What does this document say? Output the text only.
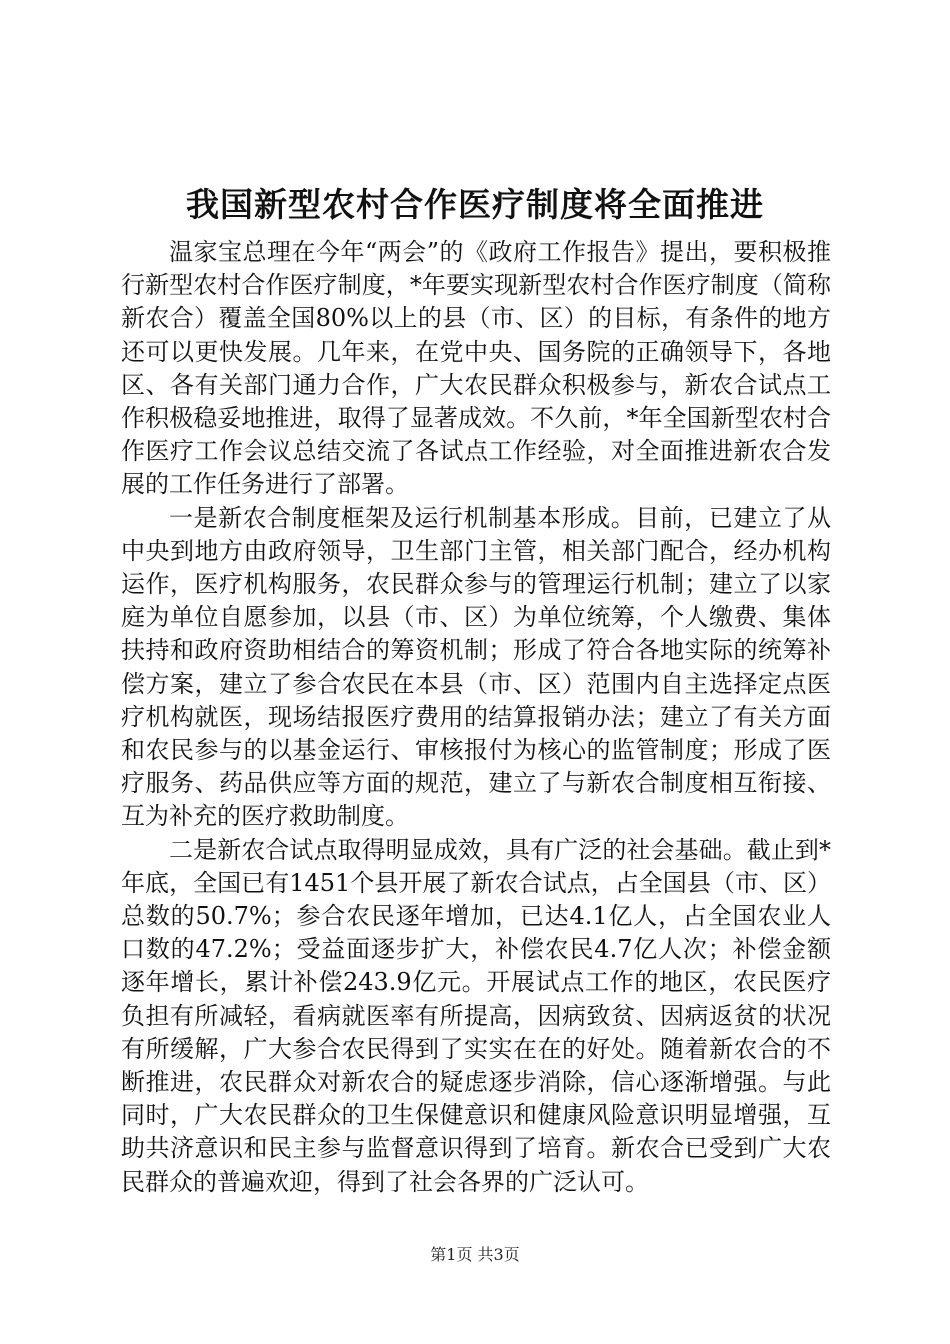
我国新型农村合作医疗制度将全面推进

温家宝总理在今年“两会”的《政府工作报告》提出，要积极推行新型农村合作医疗制度，*年要实现新型农村合作医疗制度（简称新农合）覆盖全国80%以上的县（市、区）的目标，有条件的地方还可以更快发展。几年来，在党中央、国务院的正确领导下，各地区、各有关部门通力合作，广大农民群众积极参与，新农合试点工作积极稳妥地推进，取得了显著成效。不久前，*年全国新型农村合作医疗工作会议总结交流了各试点工作经验，对全面推进新农合发展的工作任务进行了部署。

一是新农合制度框架及运行机制基本形成。目前，已建立了从中央到地方由政府领导，卫生部门主管，相关部门配合，经办机构运作，医疗机构服务，农民群众参与的管理运行机制；建立了以家庭为单位自愿参加，以县（市、区）为单位统筹，个人缴费、集体扶持和政府资助相结合的筹资机制；形成了符合各地实际的统筹补偿方案，建立了参合农民在本县（市、区）范围内自主选择定点医疗机构就医，现场结报医疗费用的结算报销办法；建立了有关方面和农民参与的以基金运行、审核报付为核心的监管制度；形成了医疗服务、药品供应等方面的规范，建立了与新农合制度相互衔接、互为补充的医疗救助制度。

二是新农合试点取得明显成效，具有广泛的社会基础。截止到*年底，全国已有1451个县开展了新农合试点，占全国县（市、区）总数的50.7%；参合农民逐年增加，已达4.1亿人，占全国农业人口数的47.2%；受益面逐步扩大，补偿农民4.7亿人次；补偿金额逐年增长，累计补偿243.9亿元。开展试点工作的地区，农民医疗负担有所减轻，看病就医率有所提高，因病致贫、因病返贫的状况有所缓解，广大参合农民得到了实实在在的好处。随着新农合的不断推进，农民群众对新农合的疑虑逐步消除，信心逐渐增强。与此同时，广大农民群众的卫生保健意识和健康风险意识明显增强，互助共济意识和民主参与监督意识得到了培育。新农合已受到广大农民群众的普遍欢迎，得到了社会各界的广泛认可。

第1页 共3页
